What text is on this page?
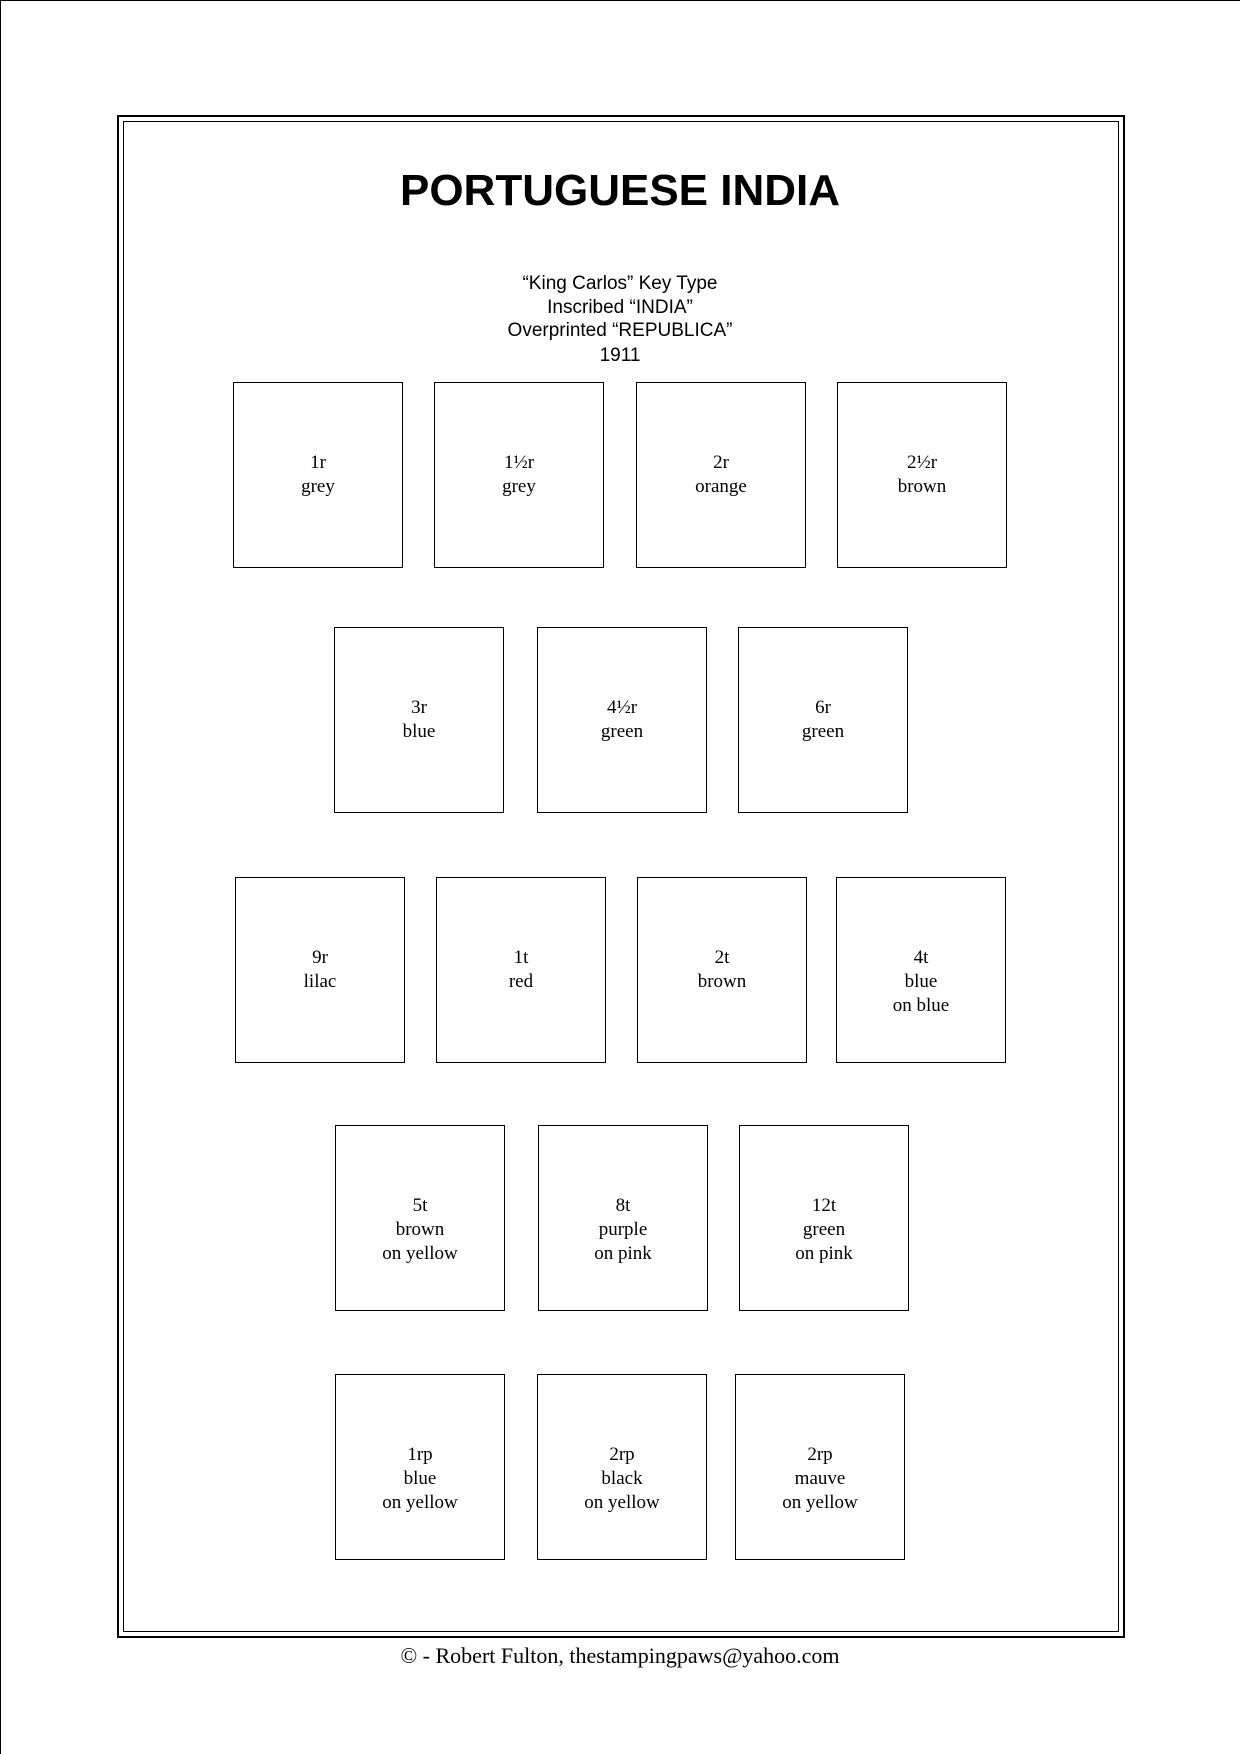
PORTUGUESE INDIA
“King Carlos” Key Type
Inscribed “INDIA”
Overprinted “REPUBLICA”
1911
1r
grey
1½r
grey
2r
orange
2½r
brown
3r
blue
4½r
green
6r
green
9r
lilac
1t
red
2t
brown
4t
blue
on blue
5t
brown
on yellow
8t
purple
on pink
12t
green
on pink
1rp
blue
on yellow
2rp
black
on yellow
2rp
mauve
on yellow
© - Robert Fulton, thestampingpaws@yahoo.com
